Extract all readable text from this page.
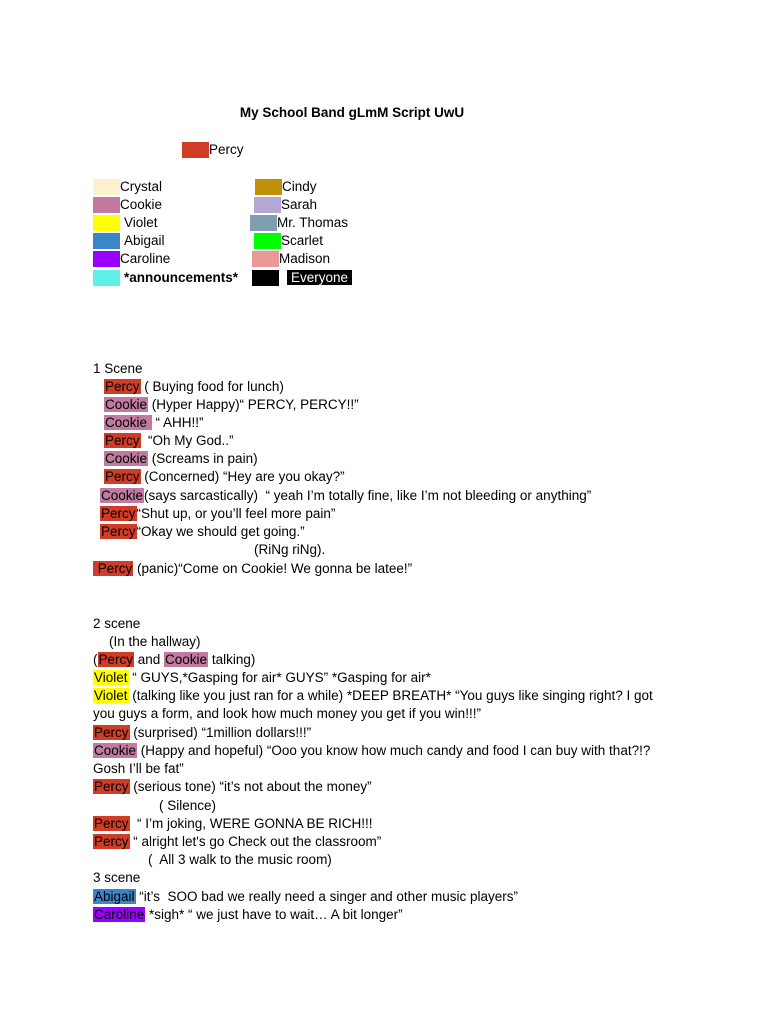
My School Band gLmM Script UwU
Percy
Crystal	Cindy
Cookie	Sarah
Violet	Mr. Thomas
Abigail	Scarlet
Caroline	Madison
*announcements*	Everyone
1 Scene
Percy ( Buying food for lunch)
Cookie (Hyper Happy)“ PERCY, PERCY!!”
Cookie  “ AHH!!”
Percy  “Oh My God..”
Cookie (Screams in pain)
Percy (Concerned) “Hey are you okay?”
Cookie(says sarcastically)  “ yeah I’m totally fine, like I’m not bleeding or anything”
Percy“Shut up, or you’ll feel more pain”
Percy“Okay we should get going.”
(RiNg riNg).
Percy (panic)“Come on Cookie! We gonna be latee!”
2 scene
(In the hallway)
(Percy and Cookie talking)
Violet “ GUYS,*Gasping for air* GUYS” *Gasping for air*
Violet (talking like you just ran for a while) *DEEP BREATH* “You guys like singing right? I got you guys a form, and look how much money you get if you win!!!”
Percy (surprised) “1million dollars!!!”
Cookie (Happy and hopeful) “Ooo you know how much candy and food I can buy with that?!? Gosh I’ll be fat”
Percy (serious tone) “it’s not about the money”
( Silence)
Percy  “ I’m joking, WERE GONNA BE RICH!!!
Percy “ alright let's go Check out the classroom”
(  All 3 walk to the music room)
3 scene
Abigail “it’s  SOO bad we really need a singer and other music players”
Caroline *sigh* “ we just have to wait… A bit longer”
